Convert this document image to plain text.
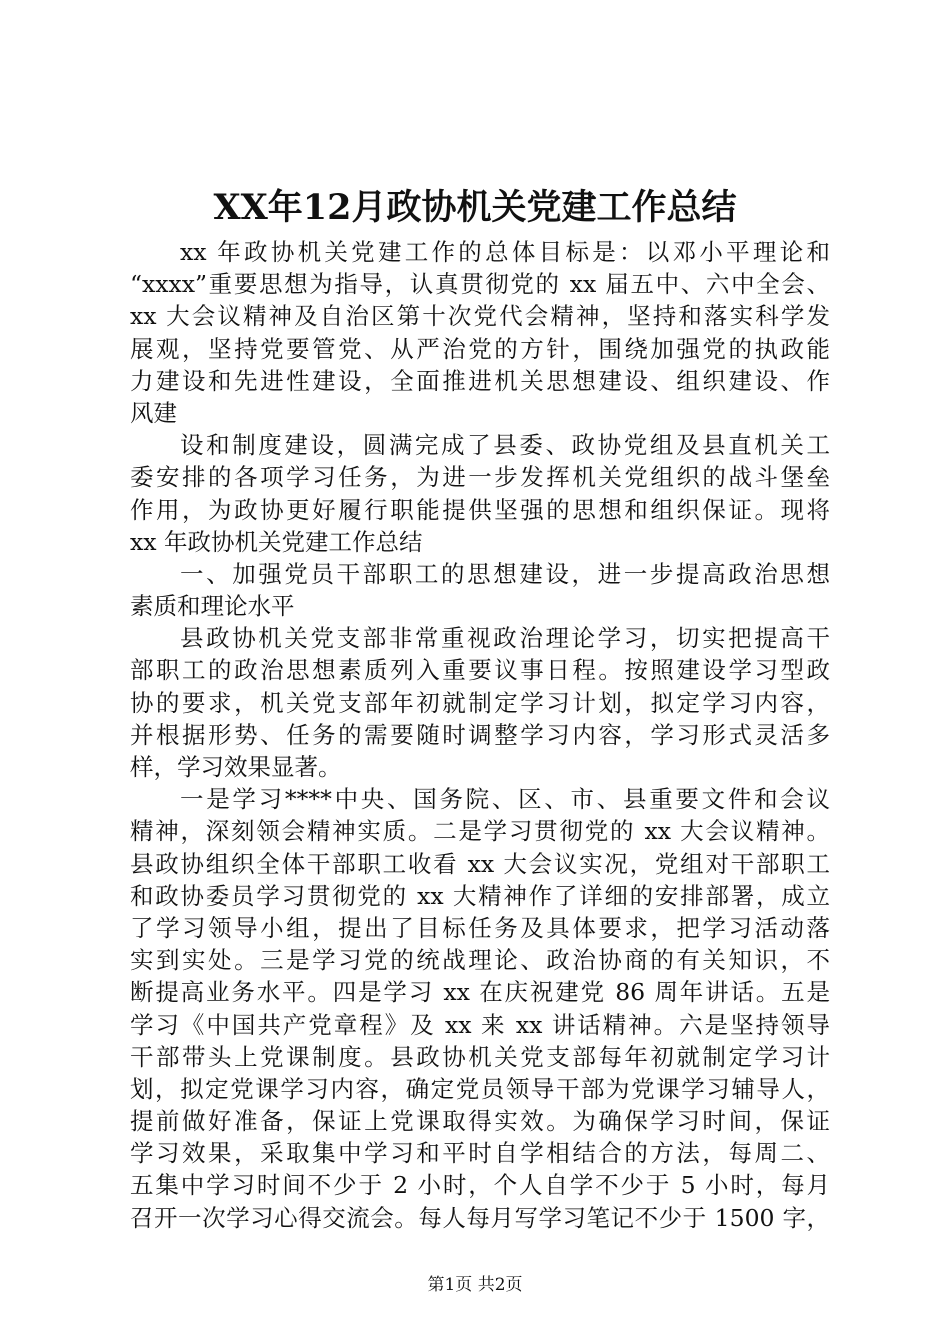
XX年12月政协机关党建工作总结
xx 年政协机关党建工作的总体目标是：以邓小平理论和
“xxxx”重要思想为指导，认真贯彻党的 xx 届五中、六中全会、
xx 大会议精神及自治区第十次党代会精神，坚持和落实科学发
展观，坚持党要管党、从严治党的方针，围绕加强党的执政能
力建设和先进性建设，全面推进机关思想建设、组织建设、作
风建
设和制度建设，圆满完成了县委、政协党组及县直机关工
委安排的各项学习任务，为进一步发挥机关党组织的战斗堡垒
作用，为政协更好履行职能提供坚强的思想和组织保证。现将
xx 年政协机关党建工作总结
一、加强党员干部职工的思想建设，进一步提高政治思想
素质和理论水平
县政协机关党支部非常重视政治理论学习，切实把提高干
部职工的政治思想素质列入重要议事日程。按照建设学习型政
协的要求，机关党支部年初就制定学习计划，拟定学习内容，
并根据形势、任务的需要随时调整学习内容，学习形式灵活多
样，学习效果显著。
一是学习****中央、国务院、区、市、县重要文件和会议
精神，深刻领会精神实质。二是学习贯彻党的 xx 大会议精神。
县政协组织全体干部职工收看 xx 大会议实况，党组对干部职工
和政协委员学习贯彻党的 xx 大精神作了详细的安排部署，成立
了学习领导小组，提出了目标任务及具体要求，把学习活动落
实到实处。三是学习党的统战理论、政治协商的有关知识，不
断提高业务水平。四是学习 xx 在庆祝建党 86 周年讲话。五是
学习《中国共产党章程》及 xx 来 xx 讲话精神。六是坚持领导
干部带头上党课制度。县政协机关党支部每年初就制定学习计
划，拟定党课学习内容，确定党员领导干部为党课学习辅导人，
提前做好准备，保证上党课取得实效。为确保学习时间，保证
学习效果，采取集中学习和平时自学相结合的方法，每周二、
五集中学习时间不少于 2 小时，个人自学不少于 5 小时，每月
召开一次学习心得交流会。每人每月写学习笔记不少于 1500 字，
第1页 共2页
